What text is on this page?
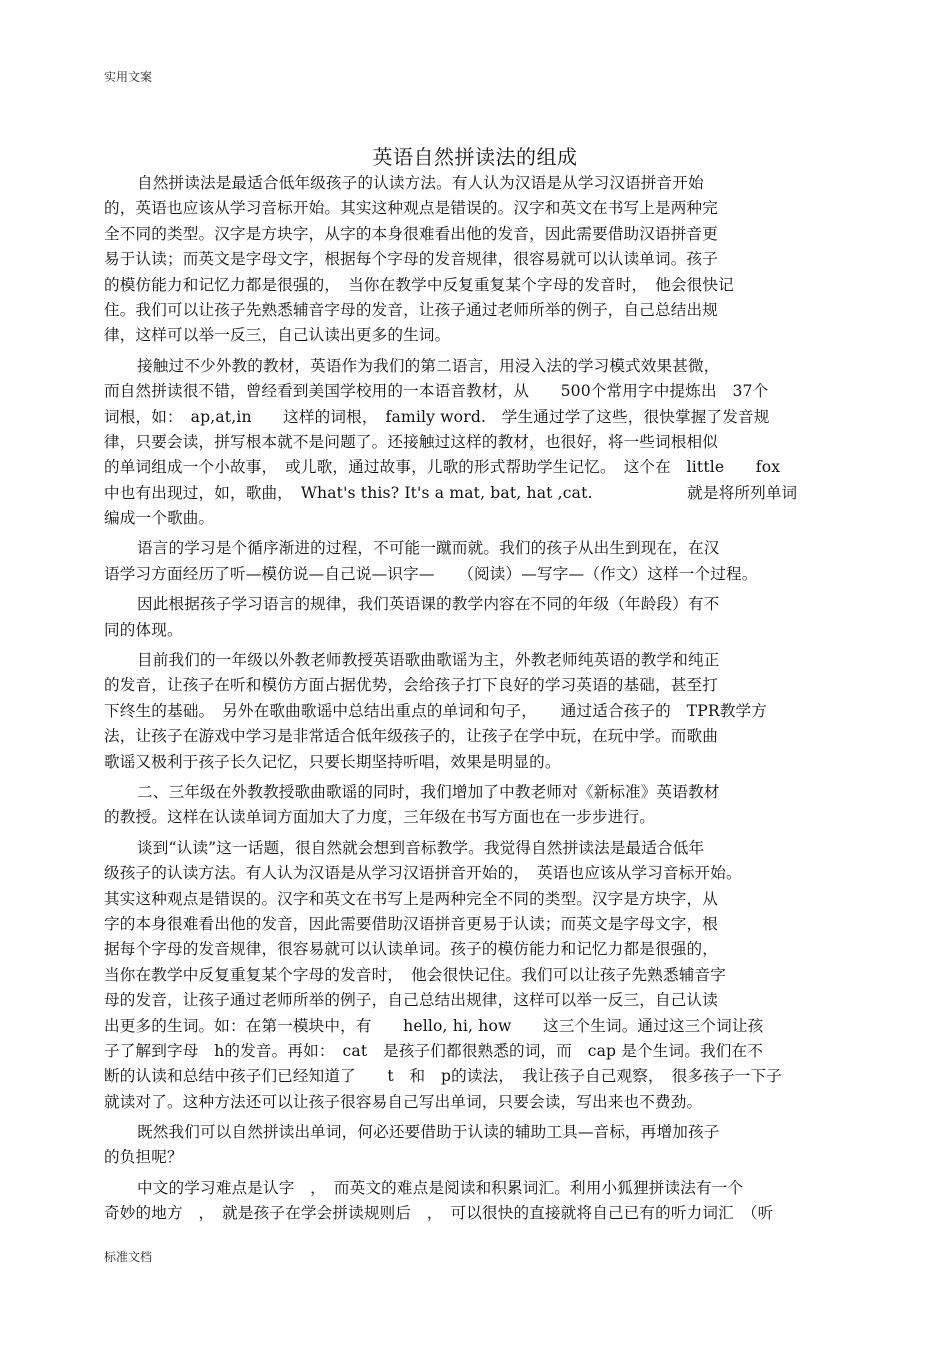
实用文案
英语自然拼读法的组成
自然拼读法是最适合低年级孩子的认读方法。有人认为汉语是从学习汉语拼音开始
的，英语也应该从学习音标开始。其实这种观点是错误的。汉字和英文在书写上是两种完
全不同的类型。汉字是方块字，从字的本身很难看出他的发音，因此需要借助汉语拼音更
易于认读；而英文是字母文字，根据每个字母的发音规律，很容易就可以认读单词。孩子
的模仿能力和记忆力都是很强的，　当你在教学中反复重复某个字母的发音时，　他会很快记
住。我们可以让孩子先熟悉辅音字母的发音，让孩子通过老师所举的例子，自己总结出规
律，这样可以举一反三，自己认读出更多的生词。
接触过不少外教的教材，英语作为我们的第二语言，用浸入法的学习模式效果甚微，
而自然拼读很不错，曾经看到美国学校用的一本语音教材，从　　500个常用字中提炼出　37个
词根，如：　ap,at,in　　这样的词根，　family word.　学生通过学了这些，很快掌握了发音规
律，只要会读，拼写根本就不是问题了。还接触过这样的教材，也很好，将一些词根相似
的单词组成一个小故事，　或儿歌，通过故事，儿歌的形式帮助学生记忆。　这个在　little　　fox
中也有出现过，如，歌曲，　What's this? It's a mat, bat, hat ,cat.　　　　　　就是将所列单词
编成一个歌曲。
语言的学习是个循序渐进的过程，不可能一蹴而就。我们的孩子从出生到现在，在汉
语学习方面经历了听—模仿说—自己说—识字—　　（阅读）—写字—（作文）这样一个过程。
因此根据孩子学习语言的规律，我们英语课的教学内容在不同的年级（年龄段）有不
同的体现。
目前我们的一年级以外教老师教授英语歌曲歌谣为主，外教老师纯英语的教学和纯正
的发音，让孩子在听和模仿方面占据优势，会给孩子打下良好的学习英语的基础，甚至打
下终生的基础。　另外在歌曲歌谣中总结出重点的单词和句子，　　通过适合孩子的　TPR教学方
法，让孩子在游戏中学习是非常适合低年级孩子的，让孩子在学中玩，在玩中学。而歌曲
歌谣又极利于孩子长久记忆，只要长期坚持听唱，效果是明显的。
二、三年级在外教教授歌曲歌谣的同时，我们增加了中教老师对《新标准》英语教材
的教授。这样在认读单词方面加大了力度，三年级在书写方面也在一步步进行。
谈到“认读”这一话题，很自然就会想到音标教学。我觉得自然拼读法是最适合低年
级孩子的认读方法。有人认为汉语是从学习汉语拼音开始的，　英语也应该从学习音标开始。
其实这种观点是错误的。汉字和英文在书写上是两种完全不同的类型。汉字是方块字，从
字的本身很难看出他的发音，因此需要借助汉语拼音更易于认读；而英文是字母文字，根
据每个字母的发音规律，很容易就可以认读单词。孩子的模仿能力和记忆力都是很强的，
当你在教学中反复重复某个字母的发音时，　他会很快记住。我们可以让孩子先熟悉辅音字
母的发音，让孩子通过老师所举的例子，自己总结出规律，这样可以举一反三，自己认读
出更多的生词。如：在第一模块中，有　　hello, hi, how　　这三个生词。通过这三个词让孩
子了解到字母　h的发音。再如：　cat　是孩子们都很熟悉的词，而　cap 是个生词。我们在不
断的认读和总结中孩子们已经知道了　　t　和　p的读法，　我让孩子自己观察，　很多孩子一下子
就读对了。这种方法还可以让孩子很容易自己写出单词，只要会读，写出来也不费劲。
既然我们可以自然拼读出单词，何必还要借助于认读的辅助工具—音标，再增加孩子
的负担呢？
中文的学习难点是认字　，　而英文的难点是阅读和积累词汇。利用小狐狸拼读法有一个
奇妙的地方　，　就是孩子在学会拼读规则后　，　可以很快的直接就将自己已有的听力词汇　（听
标准文档
